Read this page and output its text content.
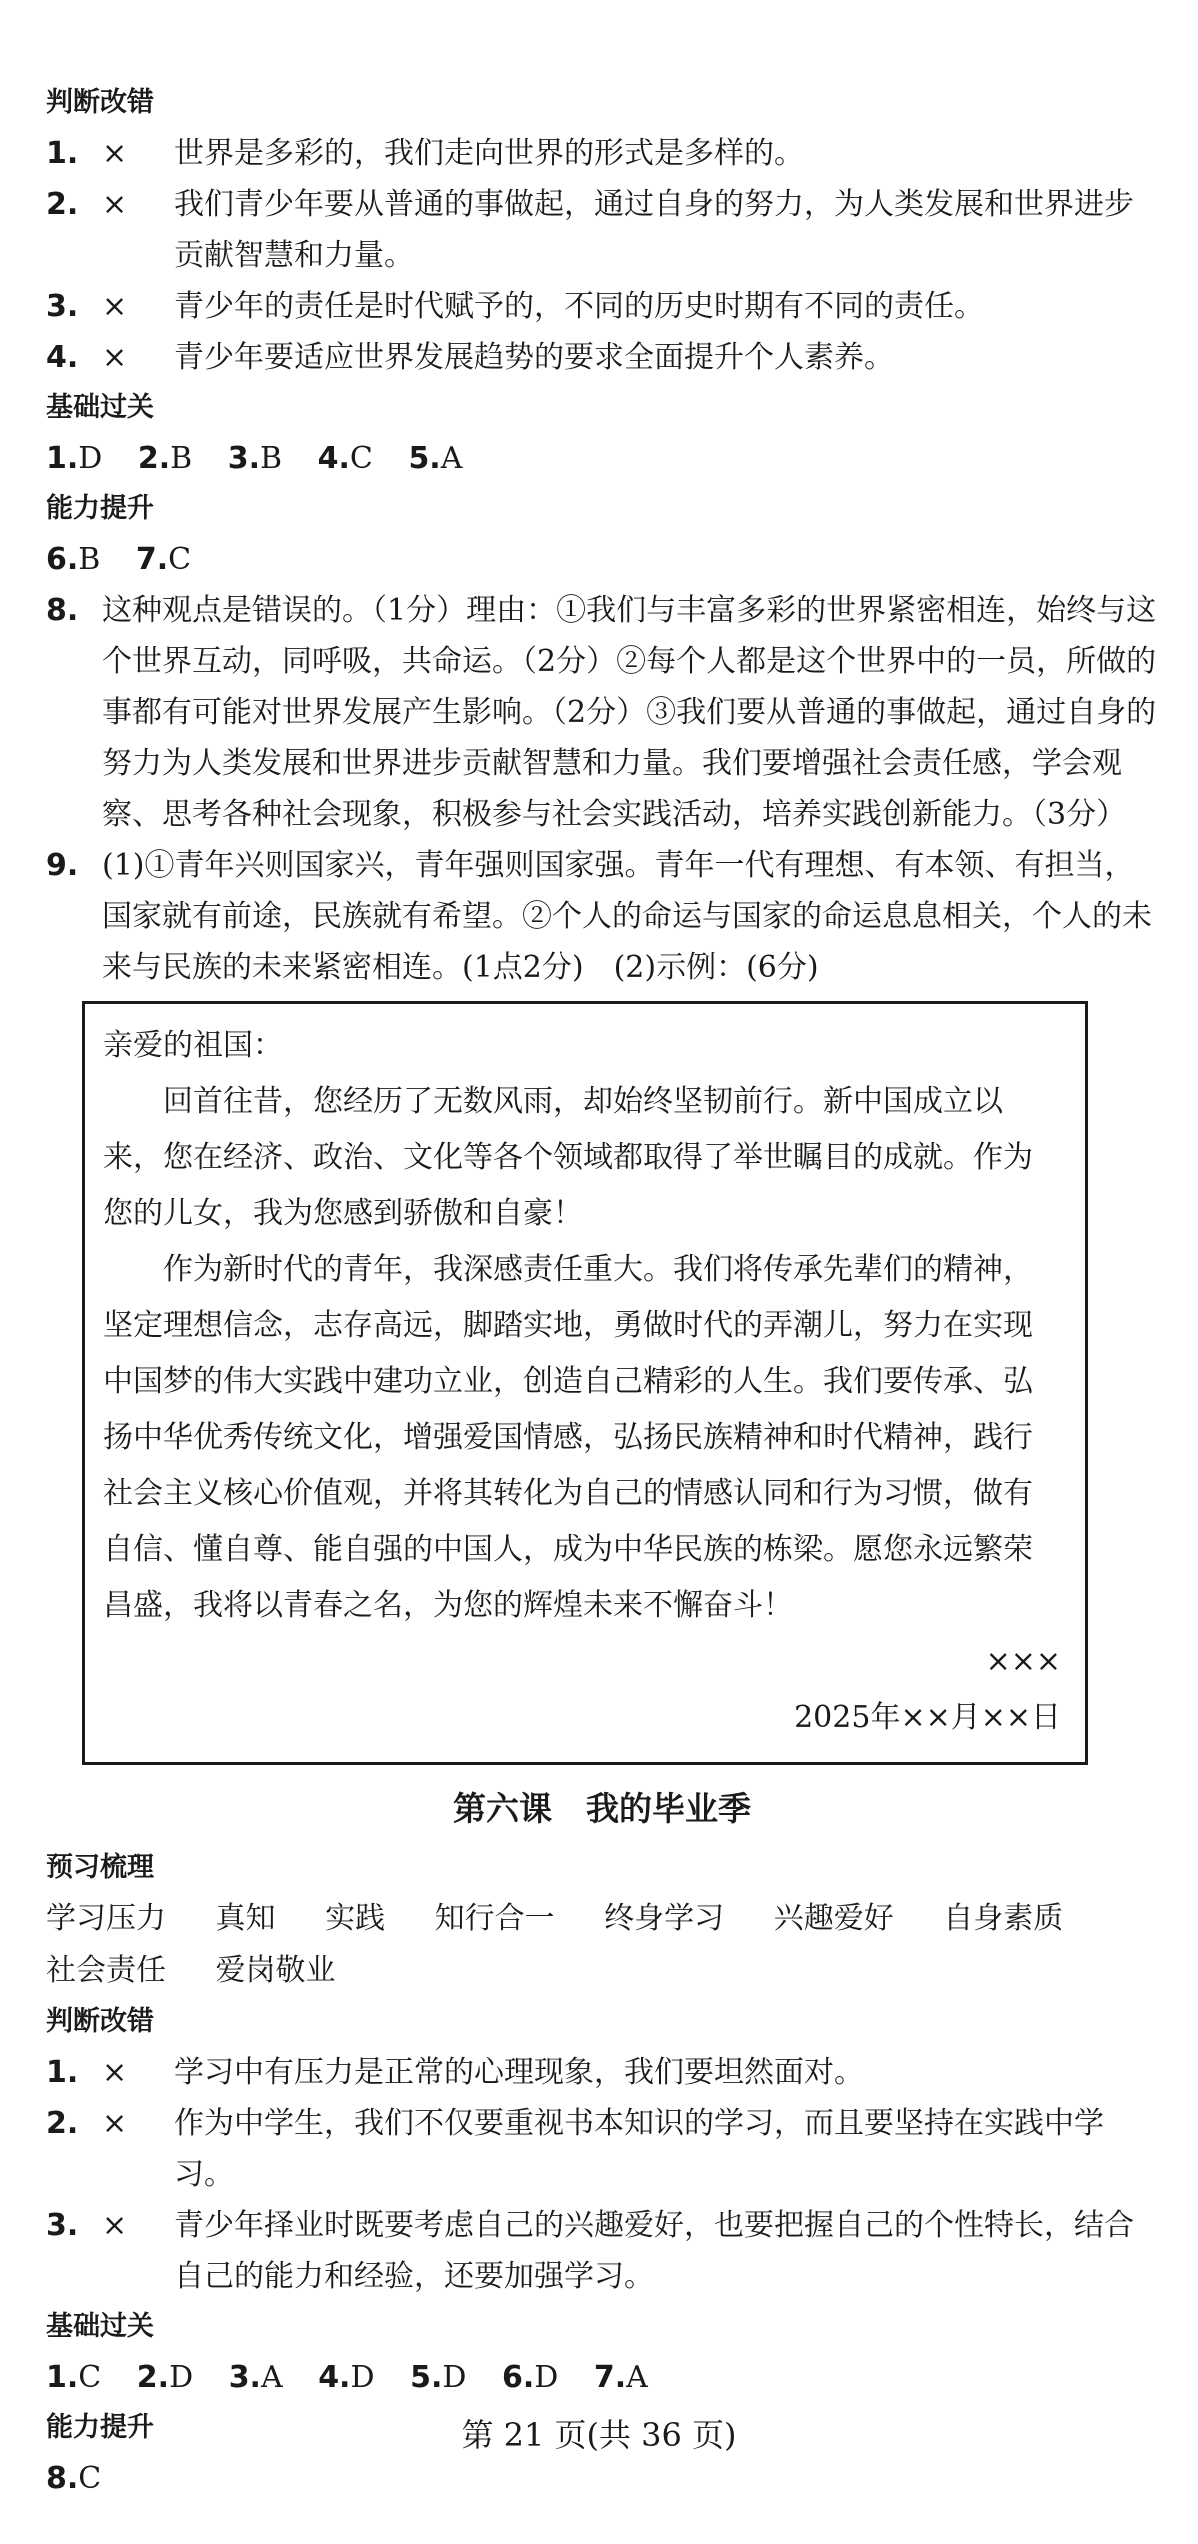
判断改错
1. ×	世界是多彩的，我们走向世界的形式是多样的。
2. ×	我们青少年要从普通的事做起，通过自身的努力，为人类发展和世界进步贡献智慧和力量。
3. ×	青少年的责任是时代赋予的，不同的历史时期有不同的责任。
4. ×	青少年要适应世界发展趋势的要求全面提升个人素养。
基础过关
1.D 2.B 3.B 4.C 5.A
能力提升
6.B 7.C
8. 这种观点是错误的。（1分）理由：①我们与丰富多彩的世界紧密相连，始终与这个世界互动，同呼吸，共命运。（2分）②每个人都是这个世界中的一员，所做的事都有可能对世界发展产生影响。（2分）③我们要从普通的事做起，通过自身的努力为人类发展和世界进步贡献智慧和力量。我们要增强社会责任感，学会观察、思考各种社会现象，积极参与社会实践活动，培养实践创新能力。（3分）
9. (1)①青年兴则国家兴，青年强则国家强。青年一代有理想、有本领、有担当，国家就有前途，民族就有希望。②个人的命运与国家的命运息息相关，个人的未来与民族的未来紧密相连。(1点2分)　(2)示例：(6分)

亲爱的祖国：

回首往昔，您经历了无数风雨，却始终坚韧前行。新中国成立以来，您在经济、政治、文化等各个领域都取得了举世瞩目的成就。作为您的儿女，我为您感到骄傲和自豪！

作为新时代的青年，我深感责任重大。我们将传承先辈们的精神，坚定理想信念，志存高远，脚踏实地，勇做时代的弄潮儿，努力在实现中国梦的伟大实践中建功立业，创造自己精彩的人生。我们要传承、弘扬中华优秀传统文化，增强爱国情感，弘扬民族精神和时代精神，践行社会主义核心价值观，并将其转化为自己的情感认同和行为习惯，做有自信、懂自尊、能自强的中国人，成为中华民族的栋梁。愿您永远繁荣昌盛，我将以青春之名，为您的辉煌未来不懈奋斗！

×××

2025年××月××日

第六课 我的毕业季
预习梳理
学习压力 真知 实践 知行合一 终身学习 兴趣爱好 自身素质 社会责任 爱岗敬业
判断改错
1. ×	学习中有压力是正常的心理现象，我们要坦然面对。
2. ×	作为中学生，我们不仅要重视书本知识的学习，而且要坚持在实践中学习。
3. ×	青少年择业时既要考虑自己的兴趣爱好，也要把握自己的个性特长，结合自己的能力和经验，还要加强学习。
基础过关
1.C 2.D 3.A 4.D 5.D 6.D 7.A
能力提升
8.C
第 21 页(共 36 页)
